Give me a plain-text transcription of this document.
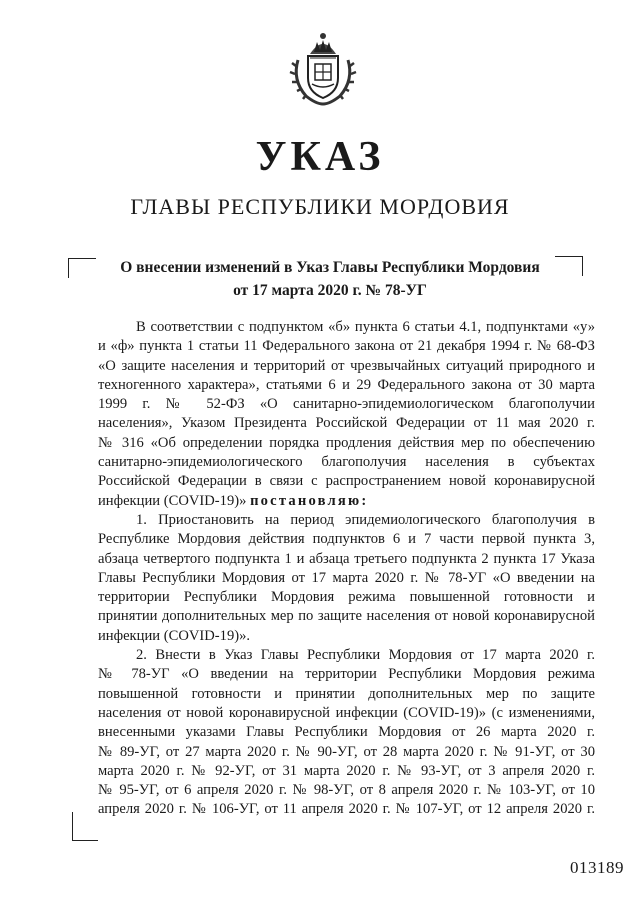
УКАЗ
ГЛАВЫ РЕСПУБЛИКИ МОРДОВИЯ
О внесении изменений в Указ Главы Республики Мордовия
от 17 марта 2020 г. № 78-УГ
В соответствии с подпунктом «б» пункта 6 статьи 4.1, подпунктами «у»
и «ф» пункта 1 статьи 11 Федерального закона от 21 декабря 1994 г. № 68-ФЗ
«О защите населения и территорий от чрезвычайных ситуаций природного и
техногенного характера», статьями 6 и 29 Федерального закона от 30 марта
1999 г. № 52-ФЗ «О санитарно-эпидемиологическом благополучии
населения», Указом Президента Российской Федерации от 11 мая 2020 г.
№ 316 «Об определении порядка продления действия мер по обеспечению
санитарно-эпидемиологического благополучия населения в субъектах
Российской Федерации в связи с распространением новой коронавирусной
инфекции (COVID-19)» постановляю:
1. Приостановить на период эпидемиологического благополучия в
Республике Мордовия действия подпунктов 6 и 7 части первой пункта 3,
абзаца четвертого подпункта 1 и абзаца третьего подпункта 2 пункта 17 Указа
Главы Республики Мордовия от 17 марта 2020 г. № 78-УГ «О введении на
территории Республики Мордовия режима повышенной готовности и
принятии дополнительных мер по защите населения от новой коронавирусной
инфекции (COVID-19)».
2. Внести в Указ Главы Республики Мордовия от 17 марта 2020 г.
№ 78-УГ «О введении на территории Республики Мордовия режима
повышенной готовности и принятии дополнительных мер по защите
населения от новой коронавирусной инфекции (COVID-19)» (с изменениями,
внесенными указами Главы Республики Мордовия от 26 марта 2020 г.
№ 89-УГ, от 27 марта 2020 г. № 90-УГ, от 28 марта 2020 г. № 91-УГ, от 30
марта 2020 г. № 92-УГ, от 31 марта 2020 г. № 93-УГ, от 3 апреля 2020 г.
№ 95-УГ, от 6 апреля 2020 г. № 98-УГ, от 8 апреля 2020 г. № 103-УГ, от 10
апреля 2020 г. № 106-УГ, от 11 апреля 2020 г. № 107-УГ, от 12 апреля 2020 г.
013189
